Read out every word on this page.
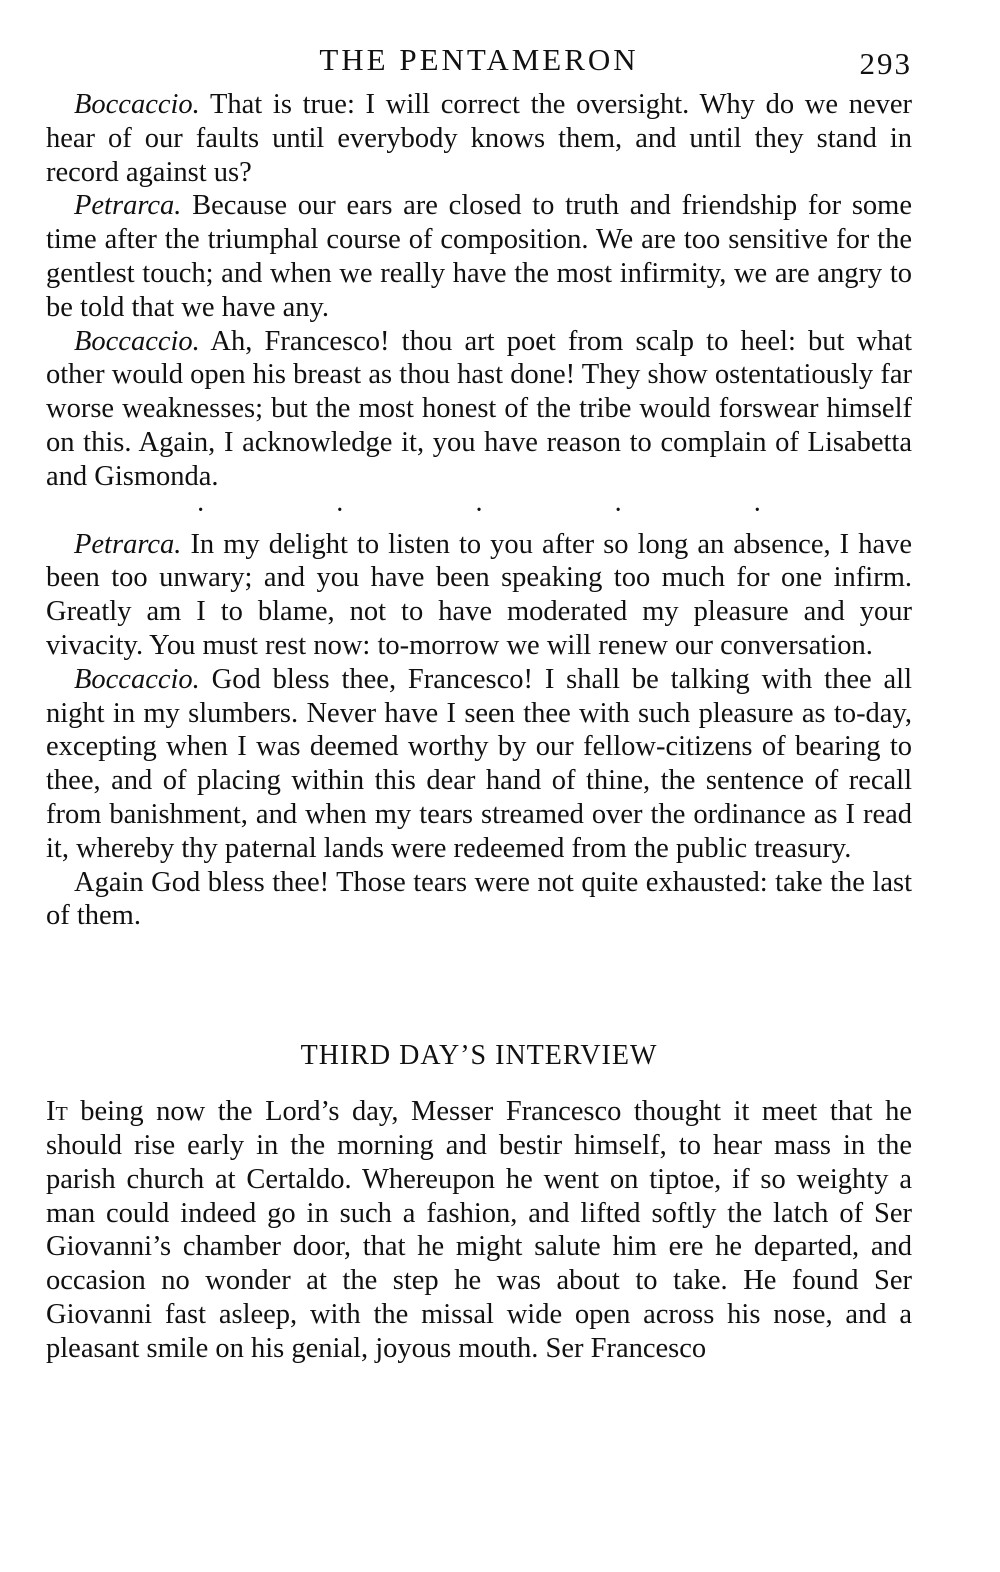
THE PENTAMERON	293

Boccaccio. That is true: I will correct the oversight. Why do we never hear of our faults until everybody knows them, and until they stand in record against us?

Petrarca. Because our ears are closed to truth and friendship for some time after the triumphal course of composition. We are too sensitive for the gentlest touch; and when we really have the most infirmity, we are angry to be told that we have any.

Boccaccio. Ah, Francesco! thou art poet from scalp to heel: but what other would open his breast as thou hast done! They show ostentatiously far worse weaknesses; but the most honest of the tribe would forswear himself on this. Again, I acknowledge it, you have reason to complain of Lisabetta and Gismonda.

·	·	·	·	·

Petrarca. In my delight to listen to you after so long an absence, I have been too unwary; and you have been speaking too much for one infirm. Greatly am I to blame, not to have moderated my pleasure and your vivacity. You must rest now: to-morrow we will renew our conversation.

Boccaccio. God bless thee, Francesco! I shall be talking with thee all night in my slumbers. Never have I seen thee with such pleasure as to-day, excepting when I was deemed worthy by our fellow-citizens of bearing to thee, and of placing within this dear hand of thine, the sentence of recall from banishment, and when my tears streamed over the ordinance as I read it, whereby thy paternal lands were redeemed from the public treasury.

Again God bless thee! Those tears were not quite exhausted: take the last of them.

THIRD DAY’S INTERVIEW

It being now the Lord’s day, Messer Francesco thought it meet that he should rise early in the morning and bestir himself, to hear mass in the parish church at Certaldo. Whereupon he went on tiptoe, if so weighty a man could indeed go in such a fashion, and lifted softly the latch of Ser Giovanni’s chamber door, that he might salute him ere he departed, and occasion no wonder at the step he was about to take. He found Ser Giovanni fast asleep, with the missal wide open across his nose, and a pleasant smile on his genial, joyous mouth. Ser Francesco
